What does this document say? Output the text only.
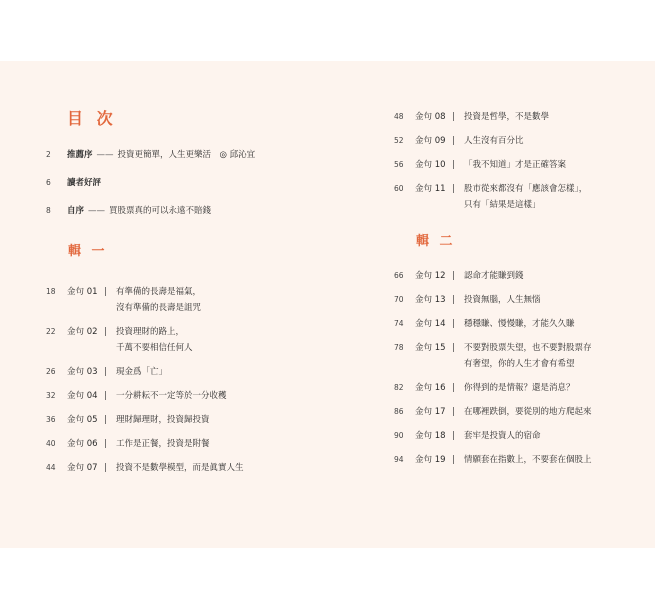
目 次
2	推薦序 —— 投資更簡單，人生更樂活　◎ 邱沁宜
6	讀者好評
8	自序 —— 買股票真的可以永遠不賠錢
輯 一
18	金句 01 |	有準備的長壽是福氣，
沒有準備的長壽是詛咒
22	金句 02 |	投資理財的路上，
千萬不要相信任何人
26	金句 03 |	現金爲「亡」
32	金句 04 |	一分耕耘不一定等於一分收穫
36	金句 05 |	理財歸理財，投資歸投資
40	金句 06 |	工作是正餐，投資是附餐
44	金句 07 |	投資不是數學模型，而是眞實人生
48	金句 08 |	投資是哲學，不是數學
52	金句 09 |	人生沒有百分比
56	金句 10 |	「我不知道」才是正確答案
60	金句 11 |	股市從來都沒有「應該會怎樣」，
只有「結果是這樣」
輯 二
66	金句 12 |	認命才能賺到錢
70	金句 13 |	投資無腦，人生無惱
74	金句 14 |	穩穩賺、慢慢賺，才能久久賺
78	金句 15 |	不要對股票失望，也不要對股票存
有奢望，你的人生才會有希望
82	金句 16 |	你得到的是情報？還是消息？
86	金句 17 |	在哪裡跌倒，要從別的地方爬起來
90	金句 18 |	套牢是投資人的宿命
94	金句 19 |	情願套在指數上，不要套在個股上
